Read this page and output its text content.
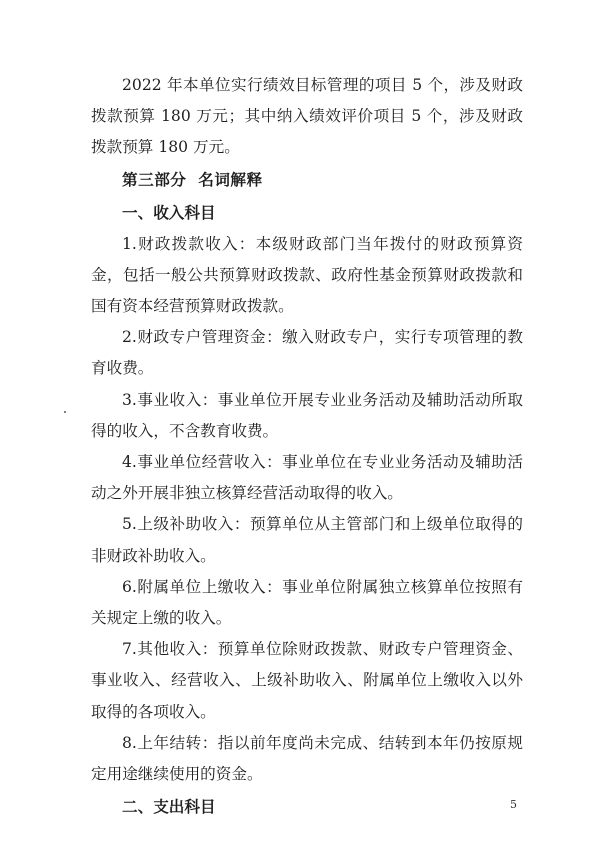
2022 年本单位实行绩效目标管理的项目 5 个，涉及财政拨款预算 180 万元；其中纳入绩效评价项目 5 个，涉及财政拨款预算 180 万元。

第三部分  名词解释

一、收入科目

1.财政拨款收入：本级财政部门当年拨付的财政预算资金，包括一般公共预算财政拨款、政府性基金预算财政拨款和国有资本经营预算财政拨款。

2.财政专户管理资金：缴入财政专户，实行专项管理的教育收费。

3.事业收入：事业单位开展专业业务活动及辅助活动所取得的收入，不含教育收费。

4.事业单位经营收入：事业单位在专业业务活动及辅助活动之外开展非独立核算经营活动取得的收入。

5.上级补助收入：预算单位从主管部门和上级单位取得的非财政补助收入。

6.附属单位上缴收入：事业单位附属独立核算单位按照有关规定上缴的收入。

7.其他收入：预算单位除财政拨款、财政专户管理资金、事业收入、经营收入、上级补助收入、附属单位上缴收入以外取得的各项收入。

8.上年结转：指以前年度尚未完成、结转到本年仍按原规定用途继续使用的资金。

二、支出科目	5
